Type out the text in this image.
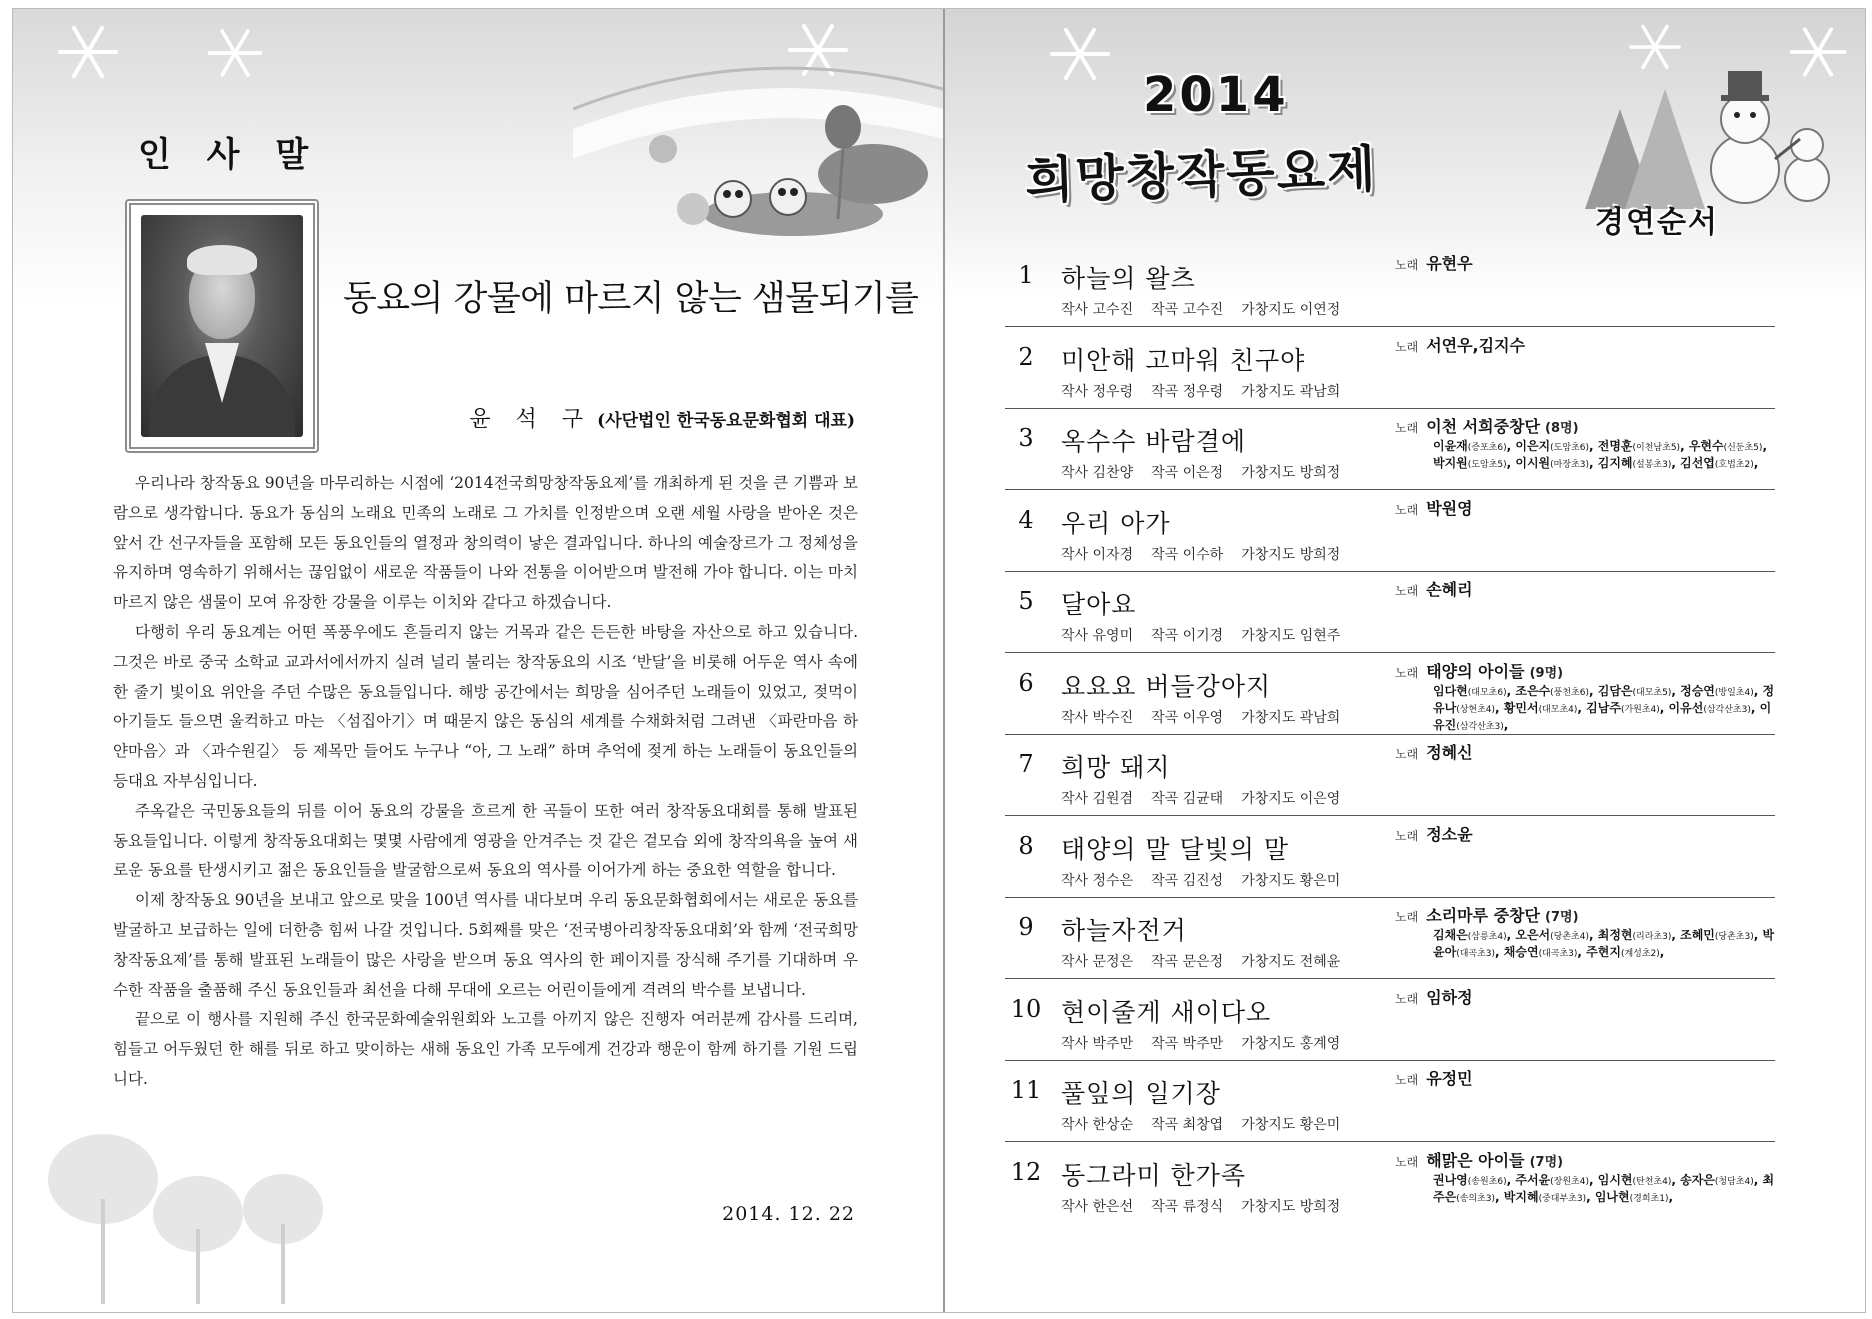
인 사 말
동요의 강물에 마르지 않는 샘물되기를
윤 석 구 (사단법인 한국동요문화협회 대표)

우리나라 창작동요 90년을 마무리하는 시점에 ‘2014전국희망창작동요제’를 개최하게 된 것을 큰 기쁨과 보람으로 생각합니다. 동요가 동심의 노래요 민족의 노래로 그 가치를 인정받으며 오랜 세월 사랑을 받아온 것은 앞서 간 선구자들을 포함해 모든 동요인들의 열정과 창의력이 낳은 결과입니다. 하나의 예술장르가 그 정체성을 유지하며 영속하기 위해서는 끊임없이 새로운 작품들이 나와 전통을 이어받으며 발전해 가야 합니다. 이는 마치 마르지 않은 샘물이 모여 유장한 강물을 이루는 이치와 같다고 하겠습니다.

다행히 우리 동요계는 어떤 폭풍우에도 흔들리지 않는 거목과 같은 든든한 바탕을 자산으로 하고 있습니다. 그것은 바로 중국 소학교 교과서에서까지 실려 널리 불리는 창작동요의 시조 ‘반달’을 비롯해 어두운 역사 속에 한 줄기 빛이요 위안을 주던 수많은 동요들입니다. 해방 공간에서는 희망을 심어주던 노래들이 있었고, 젖먹이 아기들도 들으면 울컥하고 마는 〈섬집아기〉며 때묻지 않은 동심의 세계를 수채화처럼 그려낸 〈파란마음 하얀마음〉과 〈과수원길〉 등 제목만 들어도 누구나 “아, 그 노래” 하며 추억에 젖게 하는 노래들이 동요인들의 등대요 자부심입니다.

주옥같은 국민동요들의 뒤를 이어 동요의 강물을 흐르게 한 곡들이 또한 여러 창작동요대회를 통해 발표된 동요들입니다. 이렇게 창작동요대회는 몇몇 사람에게 영광을 안겨주는 것 같은 겉모습 외에 창작의욕을 높여 새로운 동요를 탄생시키고 젊은 동요인들을 발굴함으로써 동요의 역사를 이어가게 하는 중요한 역할을 합니다.

이제 창작동요 90년을 보내고 앞으로 맞을 100년 역사를 내다보며 우리 동요문화협회에서는 새로운 동요를 발굴하고 보급하는 일에 더한층 힘써 나갈 것입니다. 5회째를 맞은 ‘전국병아리창작동요대회’와 함께 ‘전국희망창작동요제’를 통해 발표된 노래들이 많은 사랑을 받으며 동요 역사의 한 페이지를 장식해 주기를 기대하며 우수한 작품을 출품해 주신 동요인들과 최선을 다해 무대에 오르는 어린이들에게 격려의 박수를 보냅니다.

끝으로 이 행사를 지원해 주신 한국문화예술위원회와 노고를 아끼지 않은 진행자 여러분께 감사를 드리며, 힘들고 어두웠던 한 해를 뒤로 하고 맞이하는 새해 동요인 가족 모두에게 건강과 행운이 함께 하기를 기원 드립니다.

2014. 12. 22
2014
희망창작동요제
경연순서
1	하늘의 왈츠
작사 고수진 작곡 고수진 가창지도 이연정
노래 유현우
2	미안해 고마워 친구야
작사 정우령 작곡 정우령 가창지도 곽남희
노래 서연우,김지수
3	옥수수 바람결에
작사 김찬양 작곡 이은정 가창지도 방희정
노래 이천 서희중창단 (8명)
이윤재(증포초6), 이은지(도암초6), 전명훈(이천남초5), 우현수(신둔초5), 박지원(도암초5), 이시원(마장초3), 김지혜(설봉초3), 김선엽(호법초2),
4	우리 아가
작사 이자경 작곡 이수하 가창지도 방희정
노래 박원영
5	달아요
작사 유영미 작곡 이기경 가창지도 임현주
노래 손혜리
6	요요요 버들강아지
작사 박수진 작곡 이우영 가창지도 곽남희
노래 태양의 아이들 (9명)
임다현(대모초6), 조은수(풍천초6), 김담은(대모초5), 정승연(방일초4), 정유나(상현초4), 황민서(대모초4), 김남주(가원초4), 이유선(삼각산초3), 이유진(삼각산초3),
7	희망 돼지
작사 김원겸 작곡 김균태 가창지도 이은영
노래 정혜신
8	태양의 말 달빛의 말
작사 정수은 작곡 김진성 가창지도 황은미
노래 정소윤
9	하늘자전거
작사 문정은 작곡 문은정 가창지도 전혜윤
노래 소리마루 중창단 (7명)
김채은(삼릉초4), 오은서(당촌초4), 최정현(리라초3), 조혜민(당촌초3), 박윤아(대곡초3), 채승연(대곡초3), 주현지(계성초2),
10 현이줄게 새이다오
작사 박주만 작곡 박주만 가창지도 홍계영
노래 임하정
11 풀잎의 일기장
작사 한상순 작곡 최창엽 가창지도 황은미
노래 유정민
12 동그라미 한가족
작사 한은선 작곡 류정식 가창지도 방희정
노래 해맑은 아이들 (7명)
권나영(송원초6), 주서윤(장원초4), 임시현(탄천초4), 송자은(청담초4), 최주은(송의초3), 박지혜(중대부초3), 임나현(경희초1),
